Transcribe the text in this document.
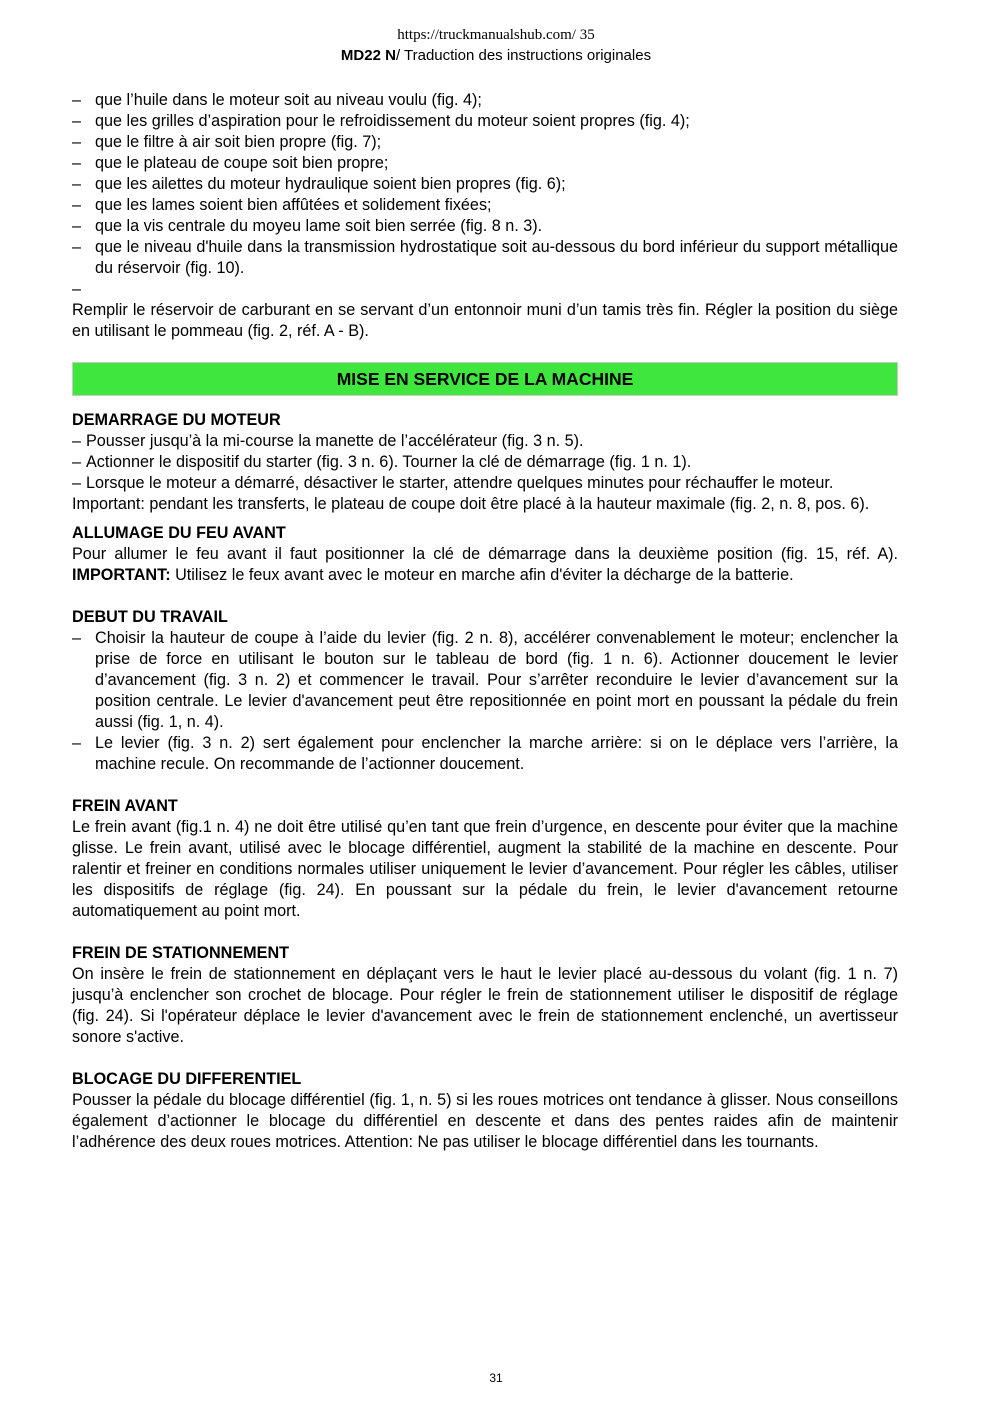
https://truckmanualshub.com/ 35
MD22 N/ Traduction des instructions originales
– que l’huile dans le moteur soit au niveau voulu (fig. 4);
– que les grilles d’aspiration pour le refroidissement du moteur soient propres (fig. 4);
– que le filtre à air soit bien propre (fig. 7);
– que le plateau de coupe soit bien propre;
– que les ailettes du moteur hydraulique soient bien propres (fig. 6);
– que les lames soient bien affûtées et solidement fixées;
– que la vis centrale du moyeu lame soit bien serrée (fig. 8 n. 3).
– que le niveau d'huile dans la transmission hydrostatique soit au-dessous du bord inférieur du support métallique du réservoir (fig. 10).
–

Remplir le réservoir de carburant en se servant d’un entonnoir muni d’un tamis très fin. Régler la position du siège en utilisant le pommeau (fig. 2, réf. A - B).

MISE EN SERVICE DE LA MACHINE
DEMARRAGE DU MOTEUR
– Pousser jusqu’à la mi-course la manette de l’accélérateur (fig. 3 n. 5).
– Actionner le dispositif du starter (fig. 3 n. 6). Tourner la clé de démarrage (fig. 1 n. 1).
– Lorsque le moteur a démarré, désactiver le starter, attendre quelques minutes pour réchauffer le moteur.

Important: pendant les transferts, le plateau de coupe doit être placé à la hauteur maximale (fig. 2, n. 8, pos. 6).

ALLUMAGE DU FEU AVANT

Pour allumer le feu avant il faut positionner la clé de démarrage dans la deuxième position (fig. 15, réf. A). IMPORTANT: Utilisez le feux avant avec le moteur en marche afin d'éviter la décharge de la batterie.

DEBUT DU TRAVAIL
– Choisir la hauteur de coupe à l’aide du levier (fig. 2 n. 8), accélérer convenablement le moteur; enclencher la prise de force en utilisant le bouton sur le tableau de bord (fig. 1 n. 6). Actionner doucement le levier d’avancement (fig. 3 n. 2) et commencer le travail. Pour s’arrêter reconduire le levier d’avancement sur la position centrale. Le levier d'avancement peut être repositionnée en point mort en poussant la pédale du frein aussi (fig. 1, n. 4).
– Le levier (fig. 3 n. 2) sert également pour enclencher la marche arrière: si on le déplace vers l’arrière, la machine recule. On recommande de l’actionner doucement.
FREIN AVANT

Le frein avant (fig.1 n. 4) ne doit être utilisé qu’en tant que frein d’urgence, en descente pour éviter que la machine glisse. Le frein avant, utilisé avec le blocage différentiel, augment la stabilité de la machine en descente. Pour ralentir et freiner en conditions normales utiliser uniquement le levier d’avancement. Pour régler les câbles, utiliser les dispositifs de réglage (fig. 24). En poussant sur la pédale du frein, le levier d'avancement retourne automatiquement au point mort.

FREIN DE STATIONNEMENT

On insère le frein de stationnement en déplaçant vers le haut le levier placé au-dessous du volant (fig. 1 n. 7) jusqu’à enclencher son crochet de blocage. Pour régler le frein de stationnement utiliser le dispositif de réglage (fig. 24). Si l'opérateur déplace le levier d'avancement avec le frein de stationnement enclenché, un avertisseur sonore s'active.

BLOCAGE DU DIFFERENTIEL

Pousser la pédale du blocage différentiel (fig. 1, n. 5) si les roues motrices ont tendance à glisser. Nous conseillons également d’actionner le blocage du différentiel en descente et dans des pentes raides afin de maintenir l’adhérence des deux roues motrices. Attention: Ne pas utiliser le blocage différentiel dans les tournants.

31
